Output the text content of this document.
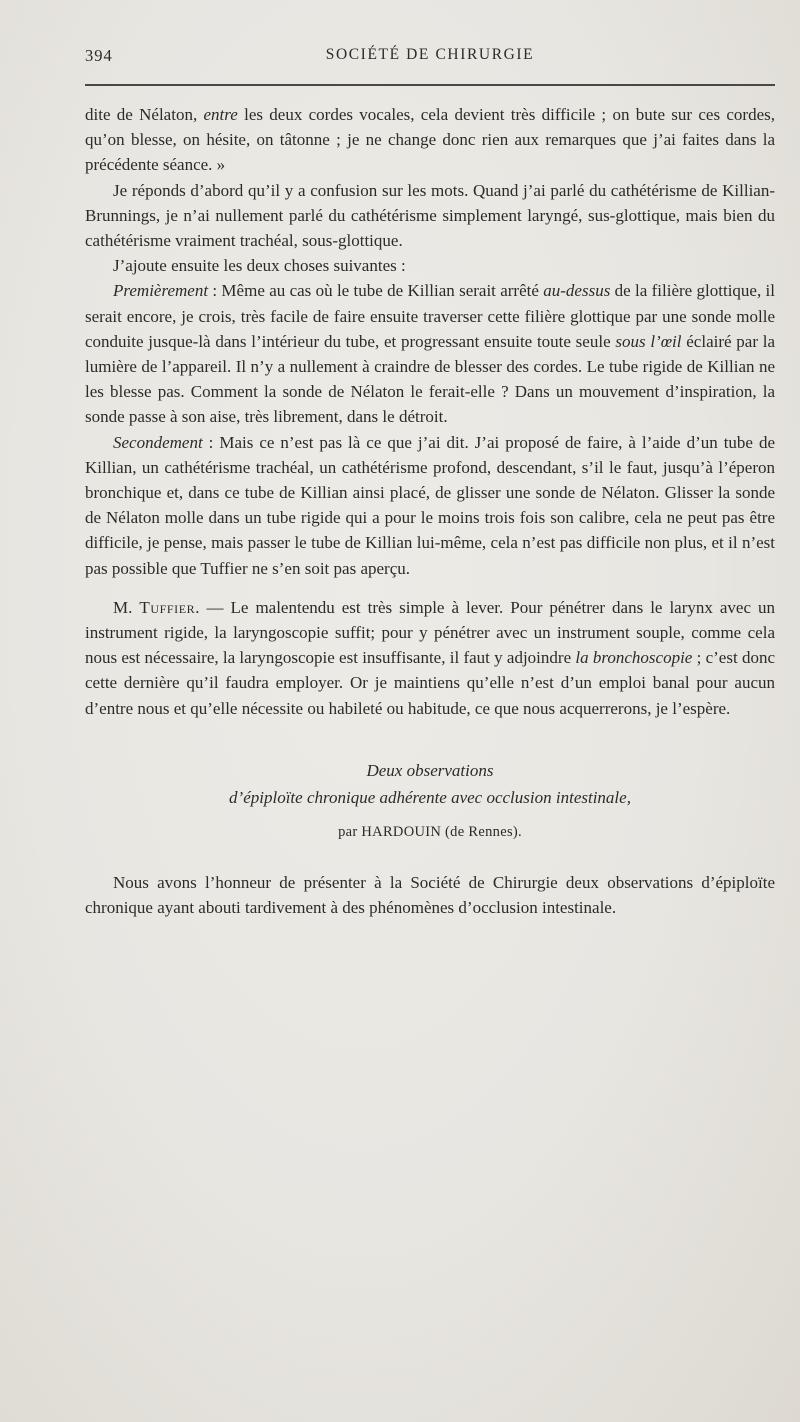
394	SOCIÉTÉ DE CHIRURGIE

dite de Nélaton, entre les deux cordes vocales, cela devient très difficile ; on bute sur ces cordes, qu’on blesse, on hésite, on tâtonne ; je ne change donc rien aux remarques que j’ai faites dans la précédente séance. »

Je réponds d’abord qu’il y a confusion sur les mots. Quand j’ai parlé du cathétérisme de Killian-Brunnings, je n’ai nullement parlé du cathétérisme simplement laryngé, sus-glottique, mais bien du cathétérisme vraiment trachéal, sous-glottique.

J’ajoute ensuite les deux choses suivantes :

Premièrement : Même au cas où le tube de Killian serait arrêté au-dessus de la filière glottique, il serait encore, je crois, très facile de faire ensuite traverser cette filière glottique par une sonde molle conduite jusque-là dans l’intérieur du tube, et progressant ensuite toute seule sous l’œil éclairé par la lumière de l’appareil. Il n’y a nullement à craindre de blesser des cordes. Le tube rigide de Killian ne les blesse pas. Comment la sonde de Nélaton le ferait-elle ? Dans un mouvement d’inspiration, la sonde passe à son aise, très librement, dans le détroit.

Secondement : Mais ce n’est pas là ce que j’ai dit. J’ai proposé de faire, à l’aide d’un tube de Killian, un cathétérisme trachéal, un cathétérisme profond, descendant, s’il le faut, jusqu’à l’éperon bronchique et, dans ce tube de Killian ainsi placé, de glisser une sonde de Nélaton. Glisser la sonde de Nélaton molle dans un tube rigide qui a pour le moins trois fois son calibre, cela ne peut pas être difficile, je pense, mais passer le tube de Killian lui-même, cela n’est pas difficile non plus, et il n’est pas possible que Tuffier ne s’en soit pas aperçu.

M. Tuffier. — Le malentendu est très simple à lever. Pour pénétrer dans le larynx avec un instrument rigide, la laryngoscopie suffit; pour y pénétrer avec un instrument souple, comme cela nous est nécessaire, la laryngoscopie est insuffisante, il faut y adjoindre la bronchoscopie ; c’est donc cette dernière qu’il faudra employer. Or je maintiens qu’elle n’est d’un emploi banal pour aucun d’entre nous et qu’elle nécessite ou habileté ou habitude, ce que nous acquerrerons, je l’espère.

Deux observations
d’épiploïte chronique adhérente avec occlusion intestinale,
par HARDOUIN (de Rennes).

Nous avons l’honneur de présenter à la Société de Chirurgie deux observations d’épiploïte chronique ayant abouti tardivement à des phénomènes d’occlusion intestinale.
